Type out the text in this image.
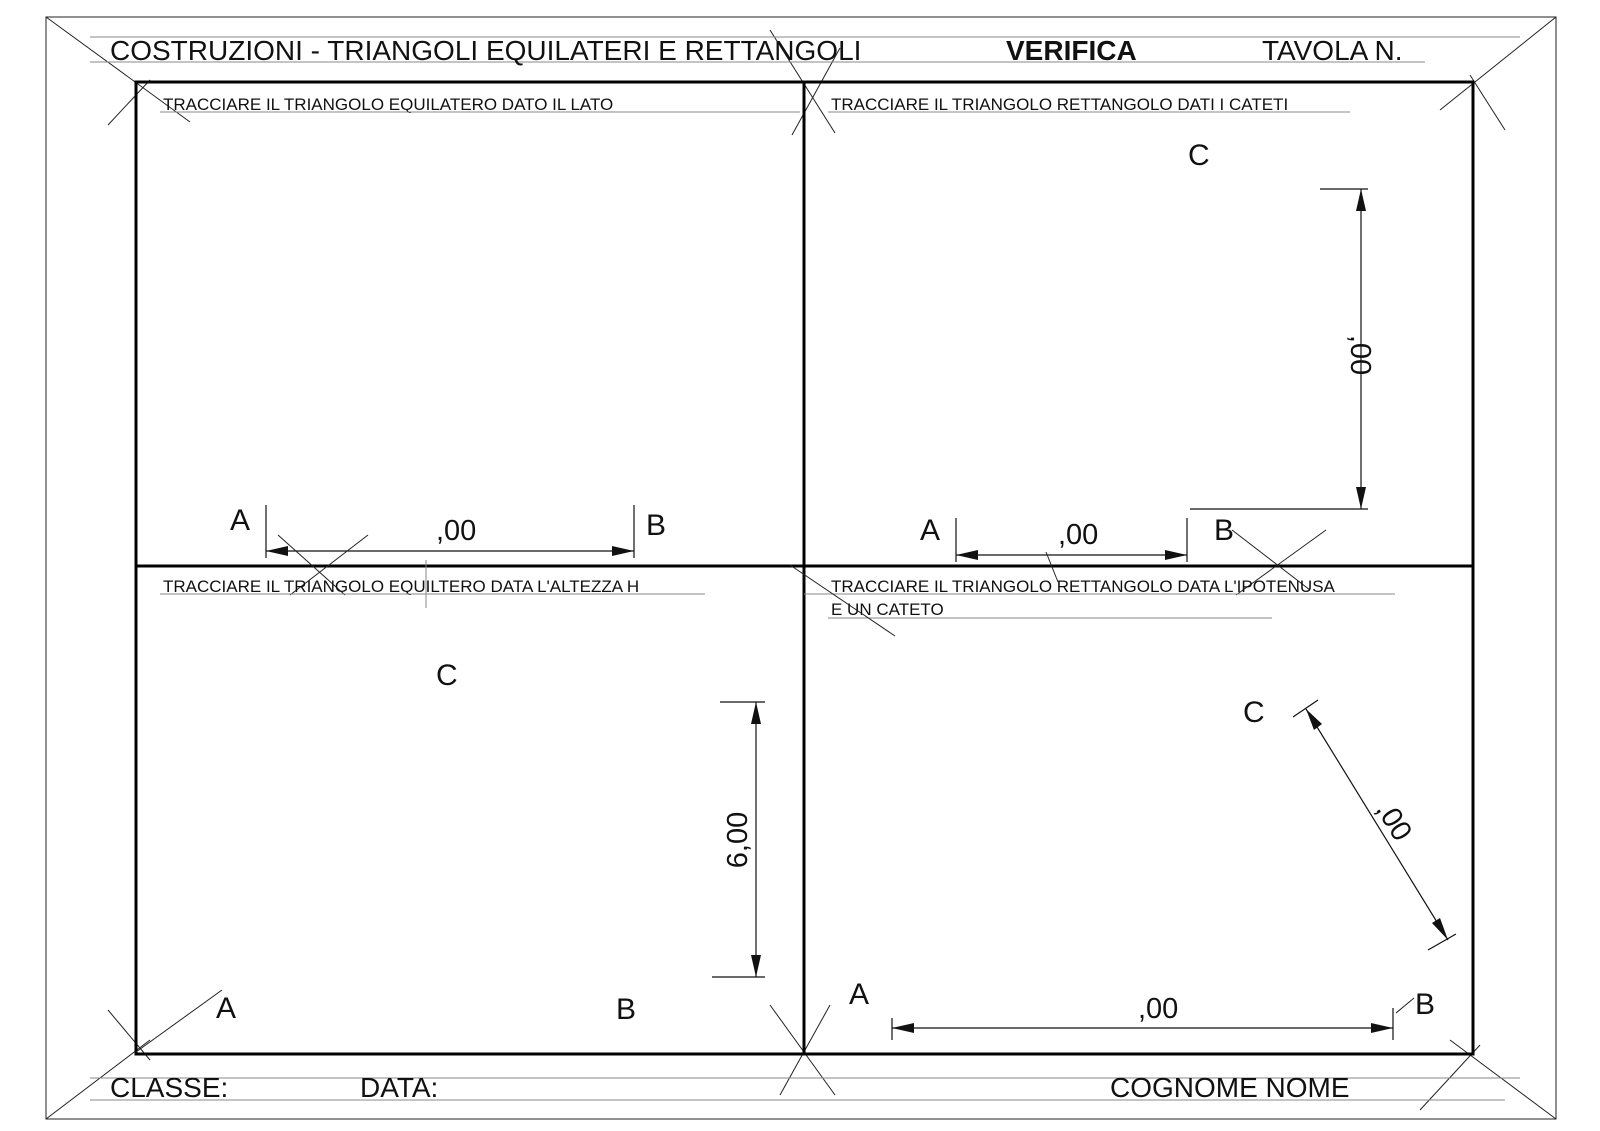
COSTRUZIONI - TRIANGOLI EQUILATERI E RETTANGOLI	VERIFICA	TAVOLA N.
TRACCIARE IL TRIANGOLO EQUILATERO DATO IL LATO
A	B
,00
TRACCIARE IL TRIANGOLO RETTANGOLO DATI I CATETI
C
A	B
,00
,00
TRACCIARE IL TRIANGOLO EQUILTERO DATA L'ALTEZZA H
C
A	B
6,00
TRACCIARE IL TRIANGOLO RETTANGOLO DATA L'IPOTENUSA
E UN CATETO
C
A	B
,00
,00
CLASSE:	DATA:	COGNOME NOME
